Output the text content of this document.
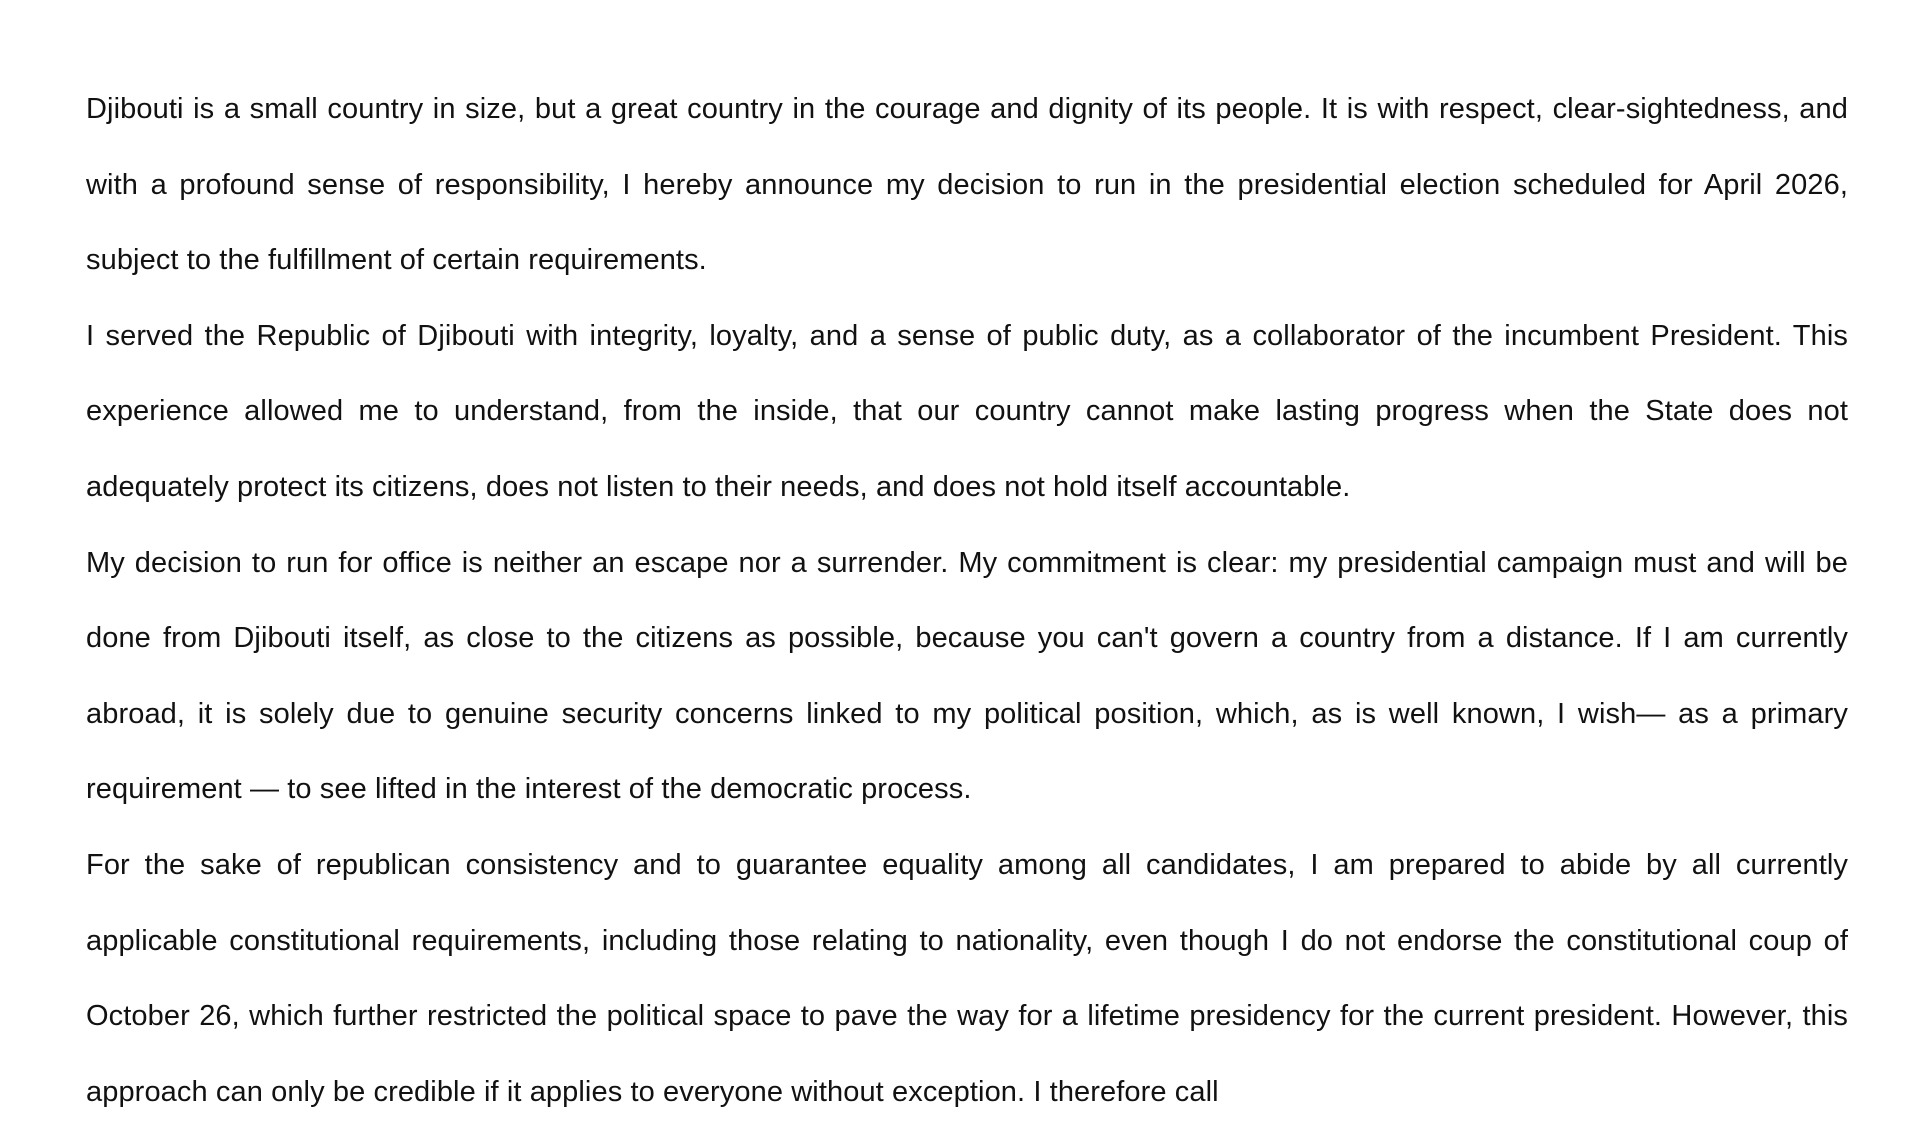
Djibouti is a small country in size, but a great country in the courage and dignity of its people. It is with respect, clear-sightedness, and with a profound sense of responsibility, I hereby announce my decision to run in the presidential election scheduled for April 2026, subject to the fulfillment of certain requirements.

I served the Republic of Djibouti with integrity, loyalty, and a sense of public duty, as a collaborator of the incumbent President. This experience allowed me to understand, from the inside, that our country cannot make lasting progress when the State does not adequately protect its citizens, does not listen to their needs, and does not hold itself accountable.

My decision to run for office is neither an escape nor a surrender. My commitment is clear: my presidential campaign must and will be done from Djibouti itself, as close to the citizens as possible, because you can't govern a country from a distance. If I am currently abroad, it is solely due to genuine security concerns linked to my political position, which, as is well known, I wish— as a primary requirement — to see lifted in the interest of the democratic process.

For the sake of republican consistency and to guarantee equality among all candidates, I am prepared to abide by all currently applicable constitutional requirements, including those relating to nationality, even though I do not endorse the constitutional coup of October 26, which further restricted the political space to pave the way for a lifetime presidency for the current president. However, this approach can only be credible if it applies to everyone without exception. I therefore call
